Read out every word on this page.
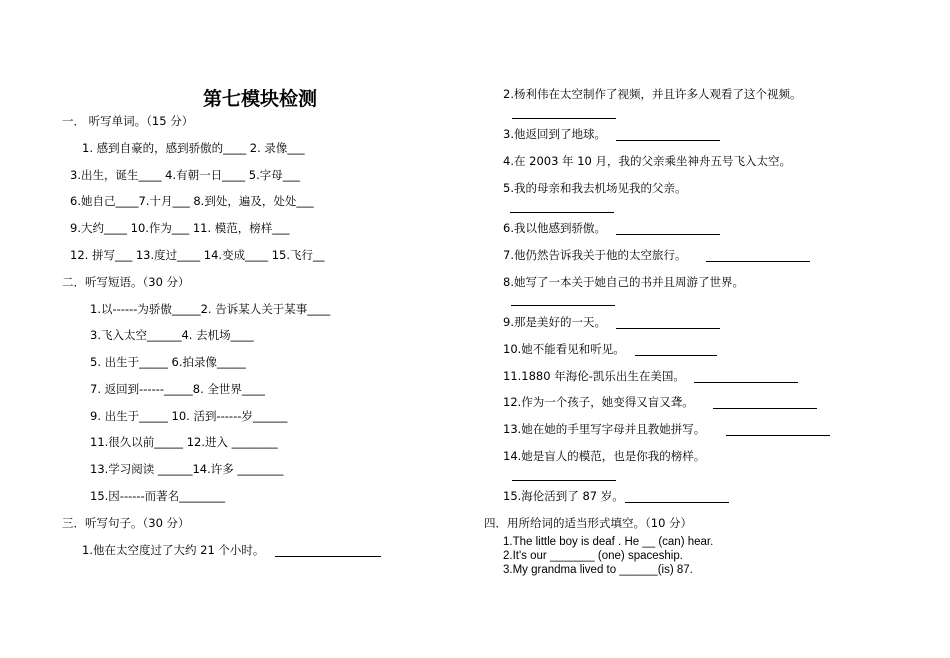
第七模块检测
一． 听写单词。（15 分）
1. 感到自豪的，感到骄傲的____ 2. 录像___
3.出生，诞生____ 4.有朝一日____ 5.字母___
6.她自己____7.十月___ 8.到处，遍及，处处___
9.大约____ 10.作为___ 11. 模范，榜样___
12. 拼写___ 13.度过____ 14.变成____ 15.飞行__
二．听写短语。（30 分）
1.以------为骄傲_____2. 告诉某人关于某事____
3.飞入太空______4. 去机场____
5. 出生于_____ 6.拍录像_____
7. 返回到------_____8. 全世界____
9. 出生于_____ 10. 活到------岁______
11.很久以前_____ 12.进入 ________
13.学习阅读 ______14.许多 ________
15.因------而著名________
三．听写句子。（30 分）
1.他在太空度过了大约 21 个小时。
2.杨利伟在太空制作了视频，并且许多人观看了这个视频。
3.他返回到了地球。
4.在 2003 年 10 月，我的父亲乘坐神舟五号飞入太空。
5.我的母亲和我去机场见我的父亲。
6.我以他感到骄傲。
7.他仍然告诉我关于他的太空旅行。
8.她写了一本关于她自己的书并且周游了世界。
9.那是美好的一天。
10.她不能看见和听见。
11.1880 年海伦-凯乐出生在美国。
12.作为一个孩子，她变得又盲又聋。
13.她在她的手里写字母并且教她拼写。
14.她是盲人的模范，也是你我的榜样。
15.海伦活到了 87 岁。
四．用所给词的适当形式填空。（10 分）
1.The little boy is deaf . He __ (can) hear.
2.It's our _______ (one) spaceship.
3.My grandma lived to ______(is) 87.
